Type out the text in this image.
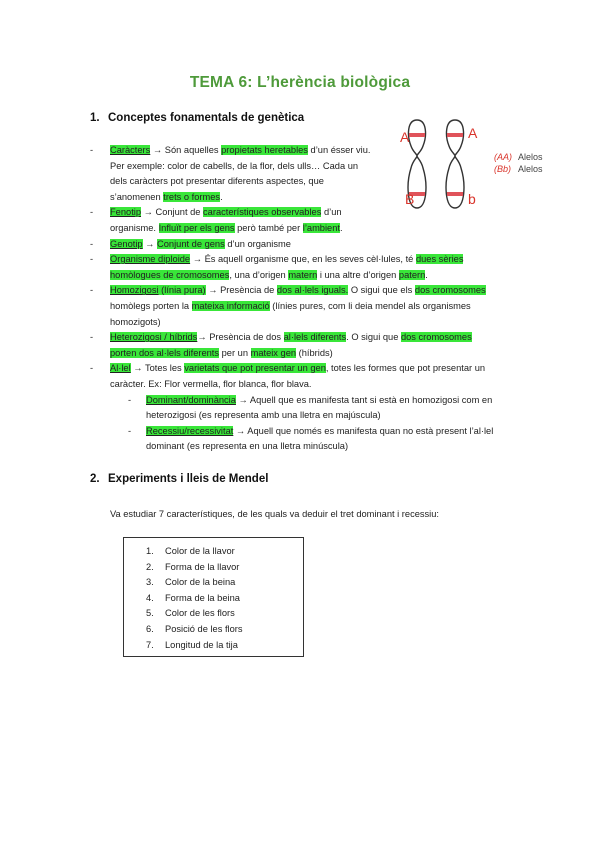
TEMA 6: L’herència biològica
1. Conceptes fonamentals de genètica
A	A
B	b
(AA) Alelos
(Bb) Alelos
- Caràcters → Són aquelles propietats heretables d’un ésser viu.
Per exemple: color de cabells, de la flor, dels ulls… Cada un
dels caràcters pot presentar diferents aspectes, que
s’anomenen trets o formes.
- Fenotip → Conjunt de característiques observables d’un
organisme. Influït per els gens però també per l’ambient.
- Genotip → Conjunt de gens d’un organisme
- Organisme diploide → És aquell organisme que, en les seves cèl·lules, té dues sèries
homòlogues de cromosomes, una d’origen matern i una altre d’origen patern.
- Homozigosi (línia pura) → Presència de dos al·lels iguals. O sigui que els dos cromosomes
homòlegs porten la mateixa informació (línies pures, com li deia mendel als organismes
homozigots)
- Heterozigosi / híbrids→ Presència de dos al·lels diferents. O sigui que dos cromosomes
porten dos al·lels diferents per un mateix gen (híbrids)
- Al·lel → Totes les varietats que pot presentar un gen, totes les formes que pot presentar un
caràcter. Ex: Flor vermella, flor blanca, flor blava.
- Dominant/dominància → Aquell que es manifesta tant si està en homozigosi com en
heterozigosi (es representa amb una lletra en majúscula)
- Recessiu/recessivitat → Aquell que només es manifesta quan no està present l’al·lel
dominant (es representa en una lletra minúscula)
2. Experiments i lleis de Mendel
Va estudiar 7 característiques, de les quals va deduir el tret dominant i recessiu:
1. Color de la llavor
2. Forma de la llavor
3. Color de la beina
4. Forma de la beina
5. Color de les flors
6. Posició de les flors
7. Longitud de la tija
